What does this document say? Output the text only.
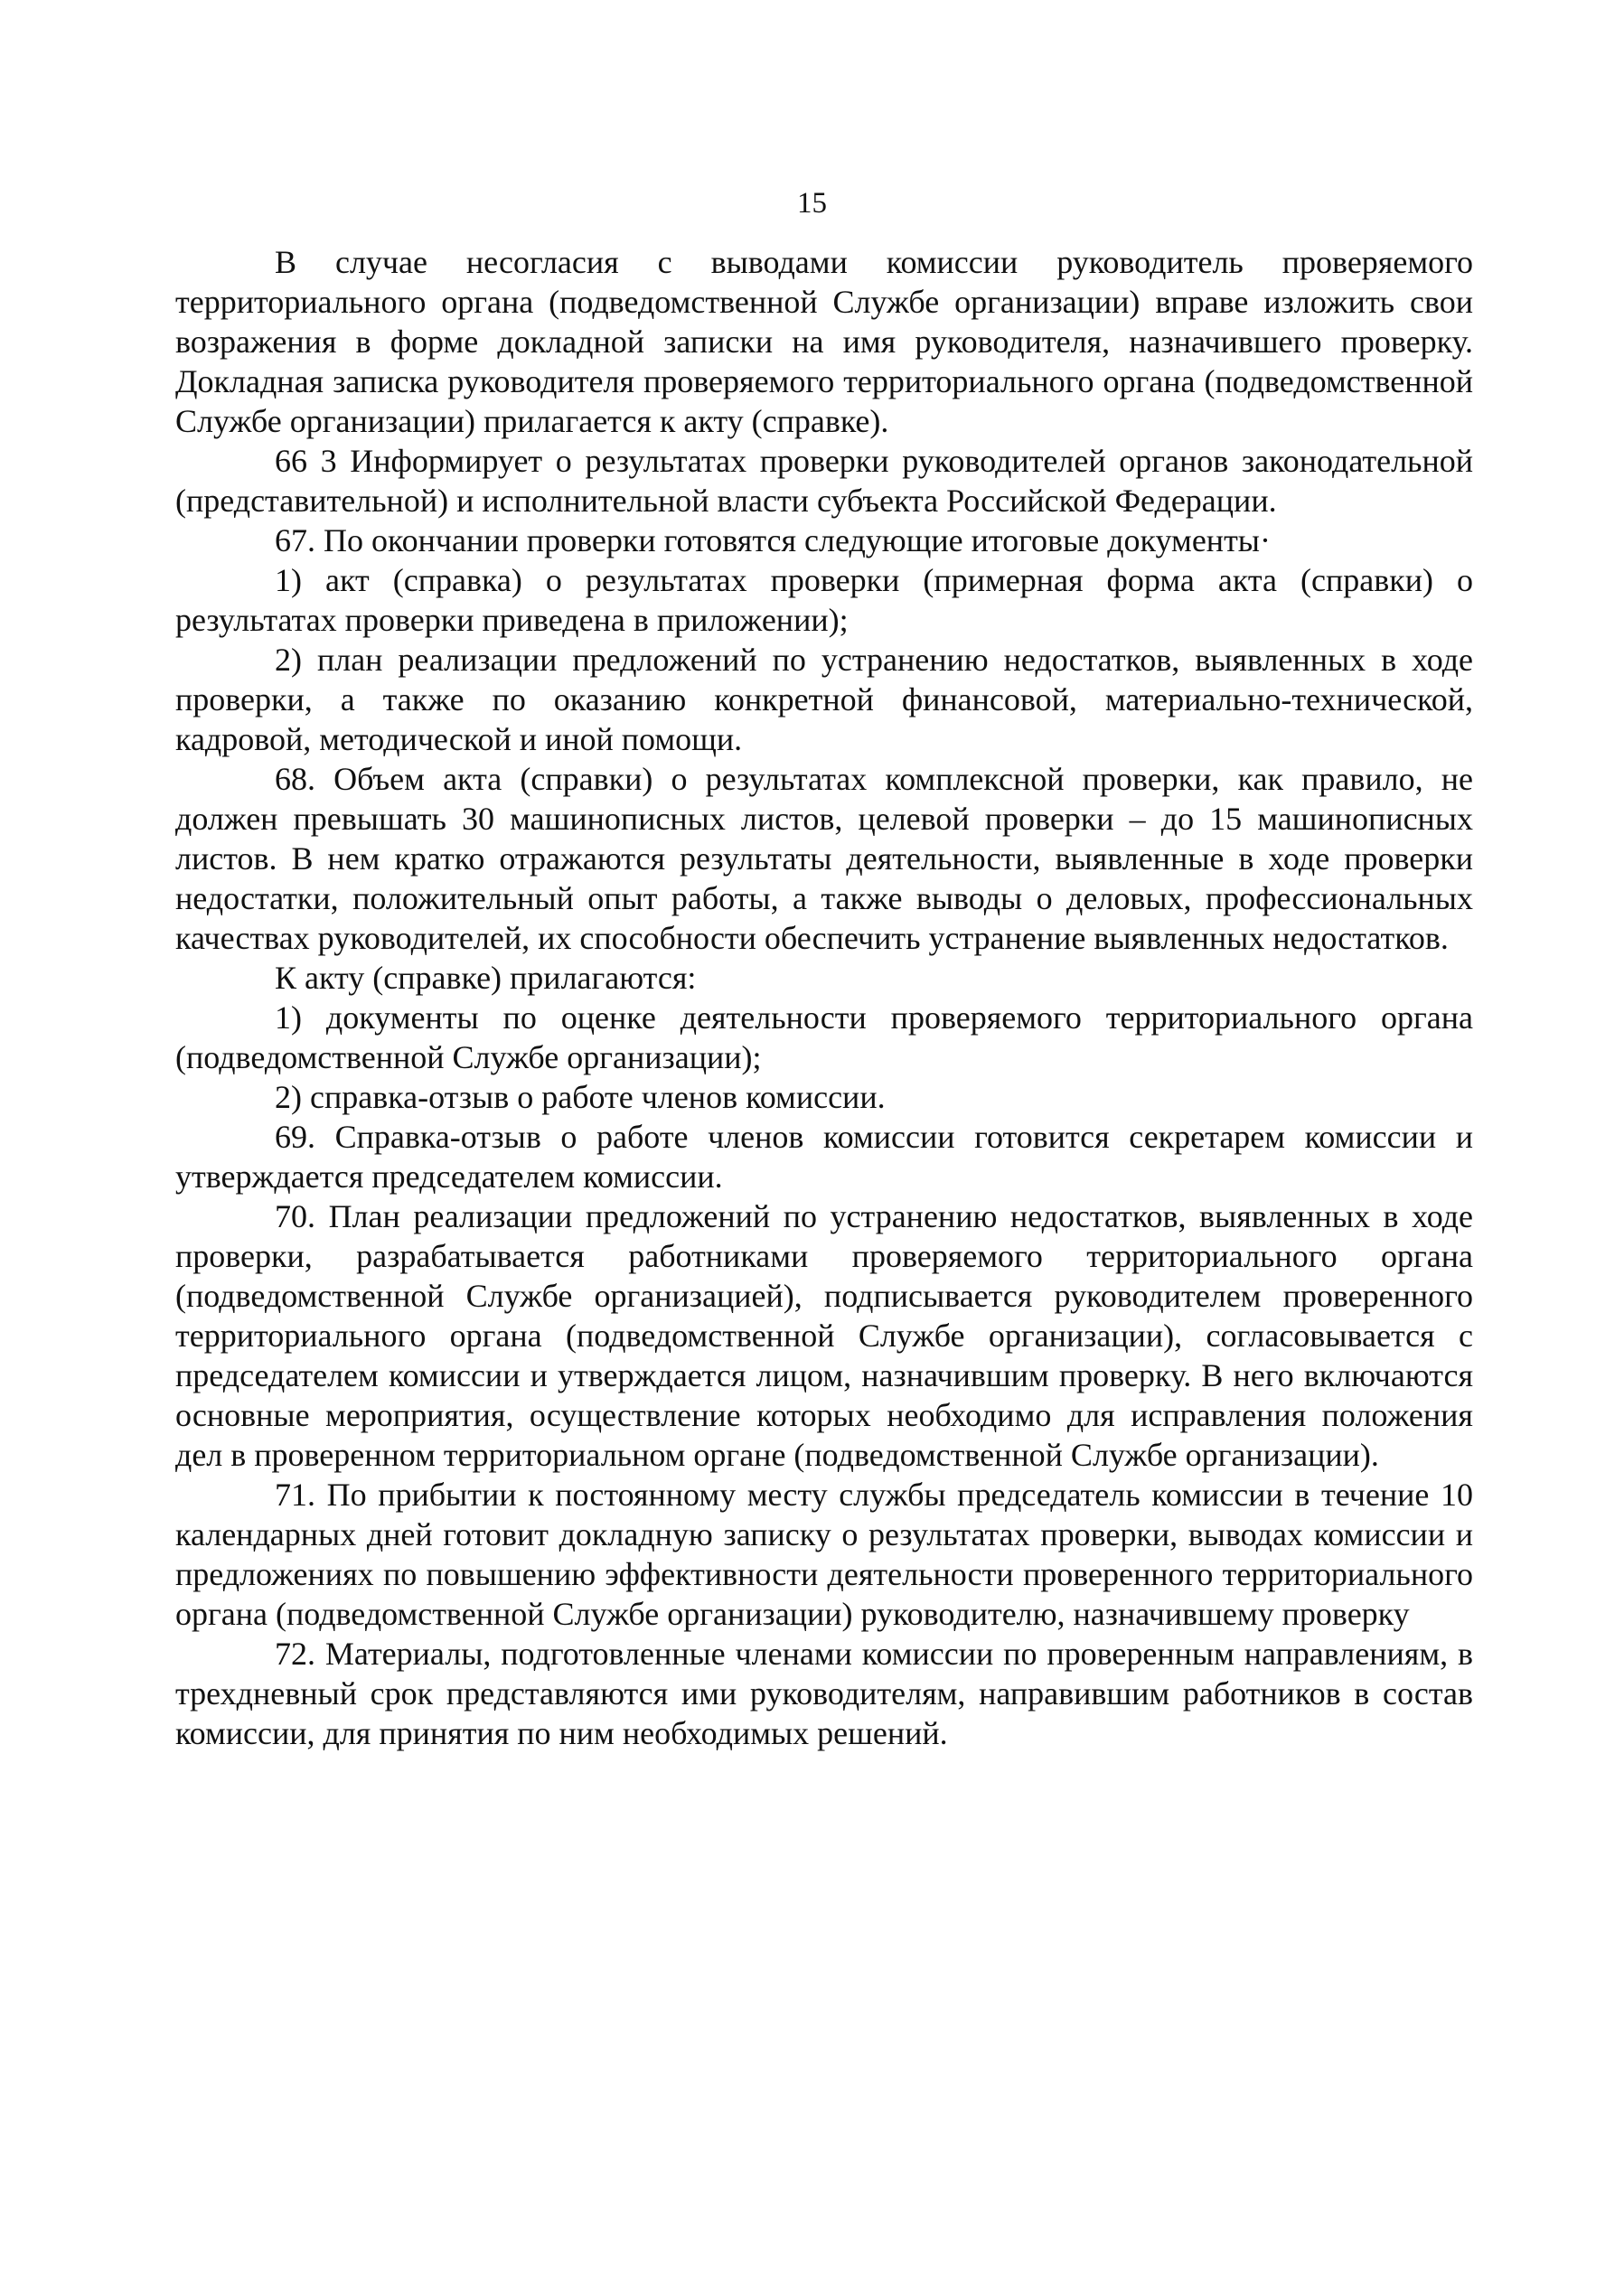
15

В случае несогласия с выводами комиссии руководитель проверяемого территориального органа (подведомственной Службе организации) вправе изложить свои возражения в форме докладной записки на имя руководителя, назначившего проверку. Докладная записка руководителя проверяемого территориального органа (подведомственной Службе организации) прилагается к акту (справке).

66 3 Информирует о результатах проверки руководителей органов законодательной (представительной) и исполнительной власти субъекта Российской Федерации.

67. По окончании проверки готовятся следующие итоговые документы·

1) акт (справка) о результатах проверки (примерная форма акта (справки) о результатах проверки приведена в приложении);

2) план реализации предложений по устранению недостатков, выявленных в ходе проверки, а также по оказанию конкретной финансовой, материально-технической, кадровой, методической и иной помощи.

68. Объем акта (справки) о результатах комплексной проверки, как правило, не должен превышать 30 машинописных листов, целевой проверки – до 15 машинописных листов. В нем кратко отражаются результаты деятельности, выявленные в ходе проверки недостатки, положительный опыт работы, а также выводы о деловых, профессиональных качествах руководителей, их способности обеспечить устранение выявленных недостатков.

К акту (справке) прилагаются:

1) документы по оценке деятельности проверяемого территориального органа (подведомственной Службе организации);

2) справка-отзыв о работе членов комиссии.

69. Справка-отзыв о работе членов комиссии готовится секретарем комиссии и утверждается председателем комиссии.

70. План реализации предложений по устранению недостатков, выявленных в ходе проверки, разрабатывается работниками проверяемого территориального органа (подведомственной Службе организацией), подписывается руководителем проверенного территориального органа (подведомственной Службе организации), согласовывается с председателем комиссии и утверждается лицом, назначившим проверку. В него включаются основные мероприятия, осуществление которых необходимо для исправления положения дел в проверенном территориальном органе (подведомственной Службе организации).

71. По прибытии к постоянному месту службы председатель комиссии в течение 10 календарных дней готовит докладную записку о результатах проверки, выводах комиссии и предложениях по повышению эффективности деятельности проверенного территориального органа (подведомственной Службе организации) руководителю, назначившему проверку

72. Материалы, подготовленные членами комиссии по проверенным направлениям, в трехдневный срок представляются ими руководителям, направившим работников в состав комиссии, для принятия по ним необходимых решений.
